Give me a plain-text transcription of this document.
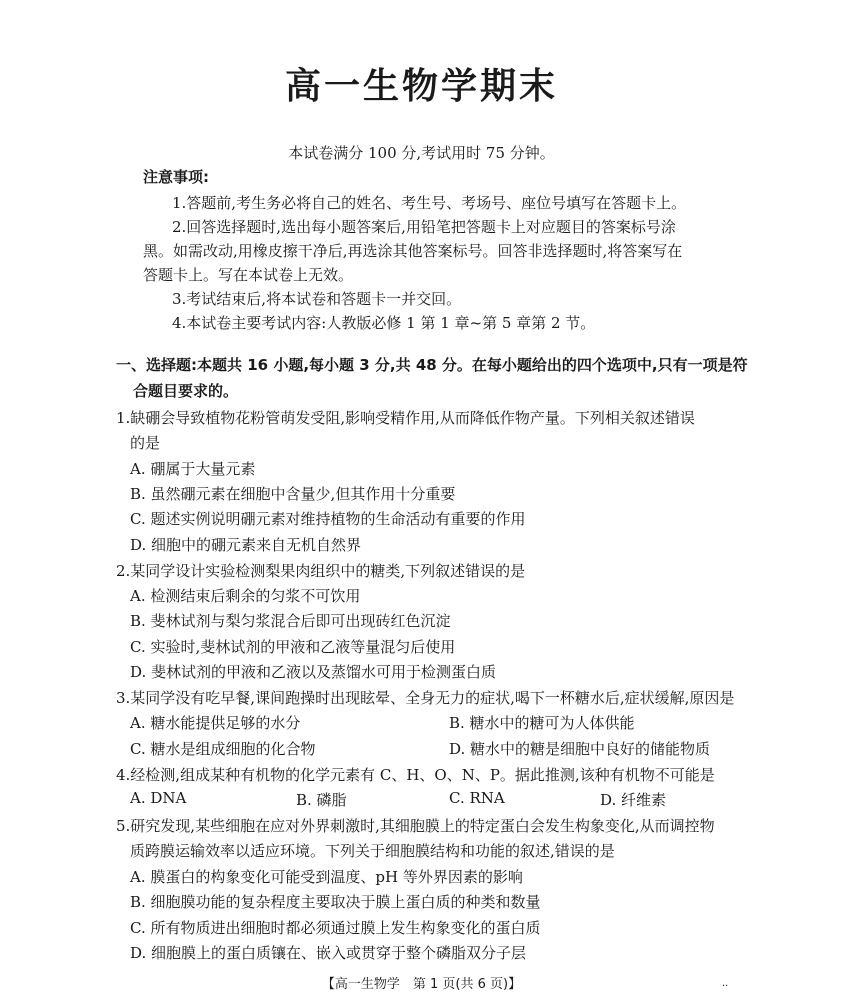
高一生物学期末
本试卷满分 100 分,考试用时 75 分钟。
注意事项:
1.答题前,考生务必将自己的姓名、考生号、考场号、座位号填写在答题卡上。
2.回答选择题时,选出每小题答案后,用铅笔把答题卡上对应题目的答案标号涂
黑。如需改动,用橡皮擦干净后,再选涂其他答案标号。回答非选择题时,将答案写在
答题卡上。写在本试卷上无效。
3.考试结束后,将本试卷和答题卡一并交回。
4.本试卷主要考试内容:人教版必修 1 第 1 章~第 5 章第 2 节。
一、选择题:本题共 16 小题,每小题 3 分,共 48 分。在每小题给出的四个选项中,只有一项是符
合题目要求的。
1.缺硼会导致植物花粉管萌发受阻,影响受精作用,从而降低作物产量。下列相关叙述错误
的是
A. 硼属于大量元素
B. 虽然硼元素在细胞中含量少,但其作用十分重要
C. 题述实例说明硼元素对维持植物的生命活动有重要的作用
D. 细胞中的硼元素来自无机自然界
2.某同学设计实验检测梨果肉组织中的糖类,下列叙述错误的是
A. 检测结束后剩余的匀浆不可饮用
B. 斐林试剂与梨匀浆混合后即可出现砖红色沉淀
C. 实验时,斐林试剂的甲液和乙液等量混匀后使用
D. 斐林试剂的甲液和乙液以及蒸馏水可用于检测蛋白质
3.某同学没有吃早餐,课间跑操时出现眩晕、全身无力的症状,喝下一杯糖水后,症状缓解,原因是
A. 糖水能提供足够的水分	B. 糖水中的糖可为人体供能
C. 糖水是组成细胞的化合物	D. 糖水中的糖是细胞中良好的储能物质
4.经检测,组成某种有机物的化学元素有 C、H、O、N、P。据此推测,该种有机物不可能是
A. DNA	B. 磷脂	C. RNA	D. 纤维素
5.研究发现,某些细胞在应对外界刺激时,其细胞膜上的特定蛋白会发生构象变化,从而调控物
质跨膜运输效率以适应环境。下列关于细胞膜结构和功能的叙述,错误的是
A. 膜蛋白的构象变化可能受到温度、pH 等外界因素的影响
B. 细胞膜功能的复杂程度主要取决于膜上蛋白质的种类和数量
C. 所有物质进出细胞时都必须通过膜上发生构象变化的蛋白质
D. 细胞膜上的蛋白质镶在、嵌入或贯穿于整个磷脂双分子层
【高一生物学　第 1 页(共 6 页)】	··
